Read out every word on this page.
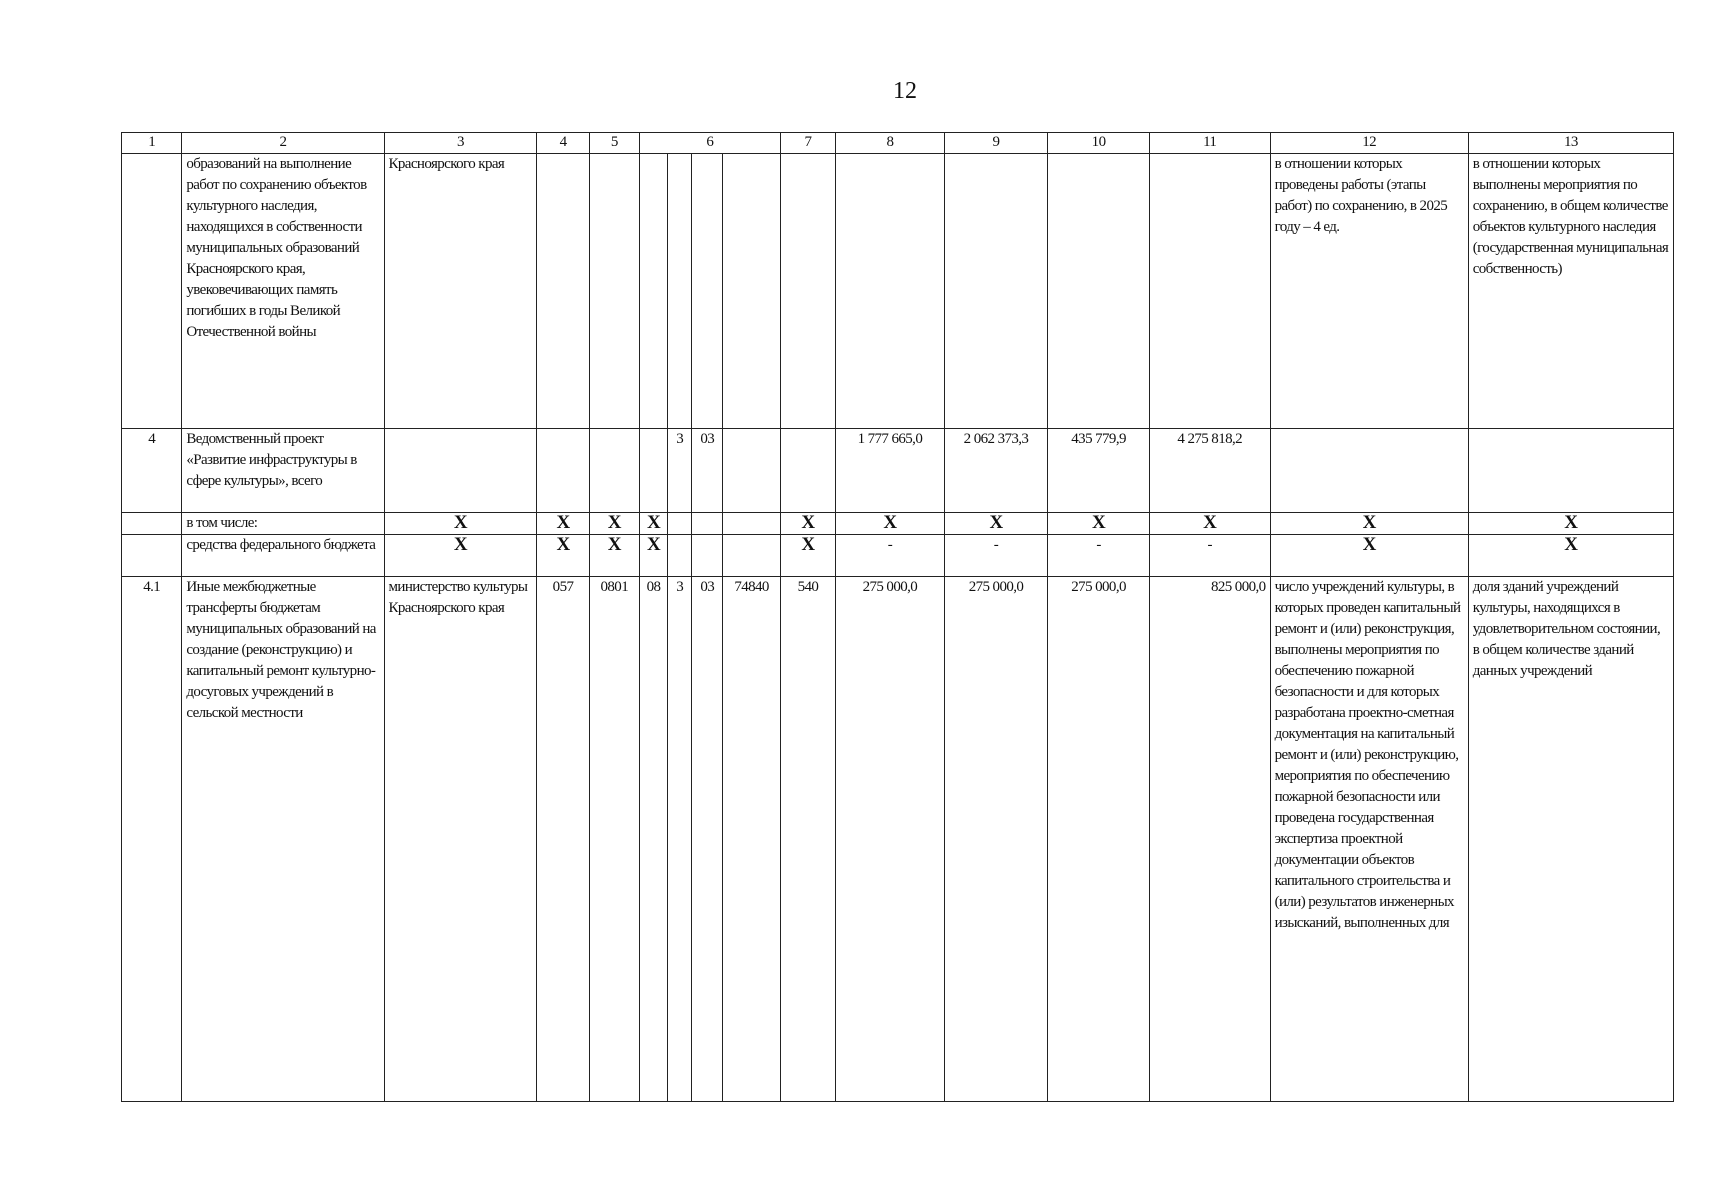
12
1	2	3	4	5	6				7	8	9	10	11	12	13
	образований на выполнение работ по сохранению объектов культурного наследия, находящихся в собственности муниципальных образований Красноярского края, увековечивающих память погибших в годы Великой Отечественной войны	Красноярского края												в отношении которых проведены работы (этапы работ) по сохранению, в 2025 году – 4 ед.	в отношении которых выполнены мероприятия по сохранению, в общем количестве объектов культурного наследия (государственная муниципальная собственность)
4	Ведомственный проект «Развитие инфраструктуры в сфере культуры», всего					3	03			1 777 665,0	2 062 373,3	435 779,9	4 275 818,2		
	в том числе:	X	X	X	X				X	X	X	X	X	X	X
	средства федерального бюджета	X	X	X	X				X	-	-	-	-	X	X
4.1	Иные межбюджетные трансферты бюджетам муниципальных образований на создание (реконструкцию) и капитальный ремонт культурно-досуговых учреждений в сельской местности	министерство культуры Красноярского края	057	0801	08	3	03	74840	540	275 000,0	275 000,0	275 000,0	825 000,0	число учреждений культуры, в которых проведен капитальный ремонт и (или) реконструкция, выполнены мероприятия по обеспечению пожарной безопасности и для которых разработана проектно-сметная документация на капитальный ремонт и (или) реконструкцию, мероприятия по обеспечению пожарной безопасности или проведена государственная экспертиза проектной документации объектов капитального строительства и (или) результатов инженерных изысканий, выполненных для	доля зданий учреждений культуры, находящихся в удовлетворительном состоянии, в общем количестве зданий данных учреждений
